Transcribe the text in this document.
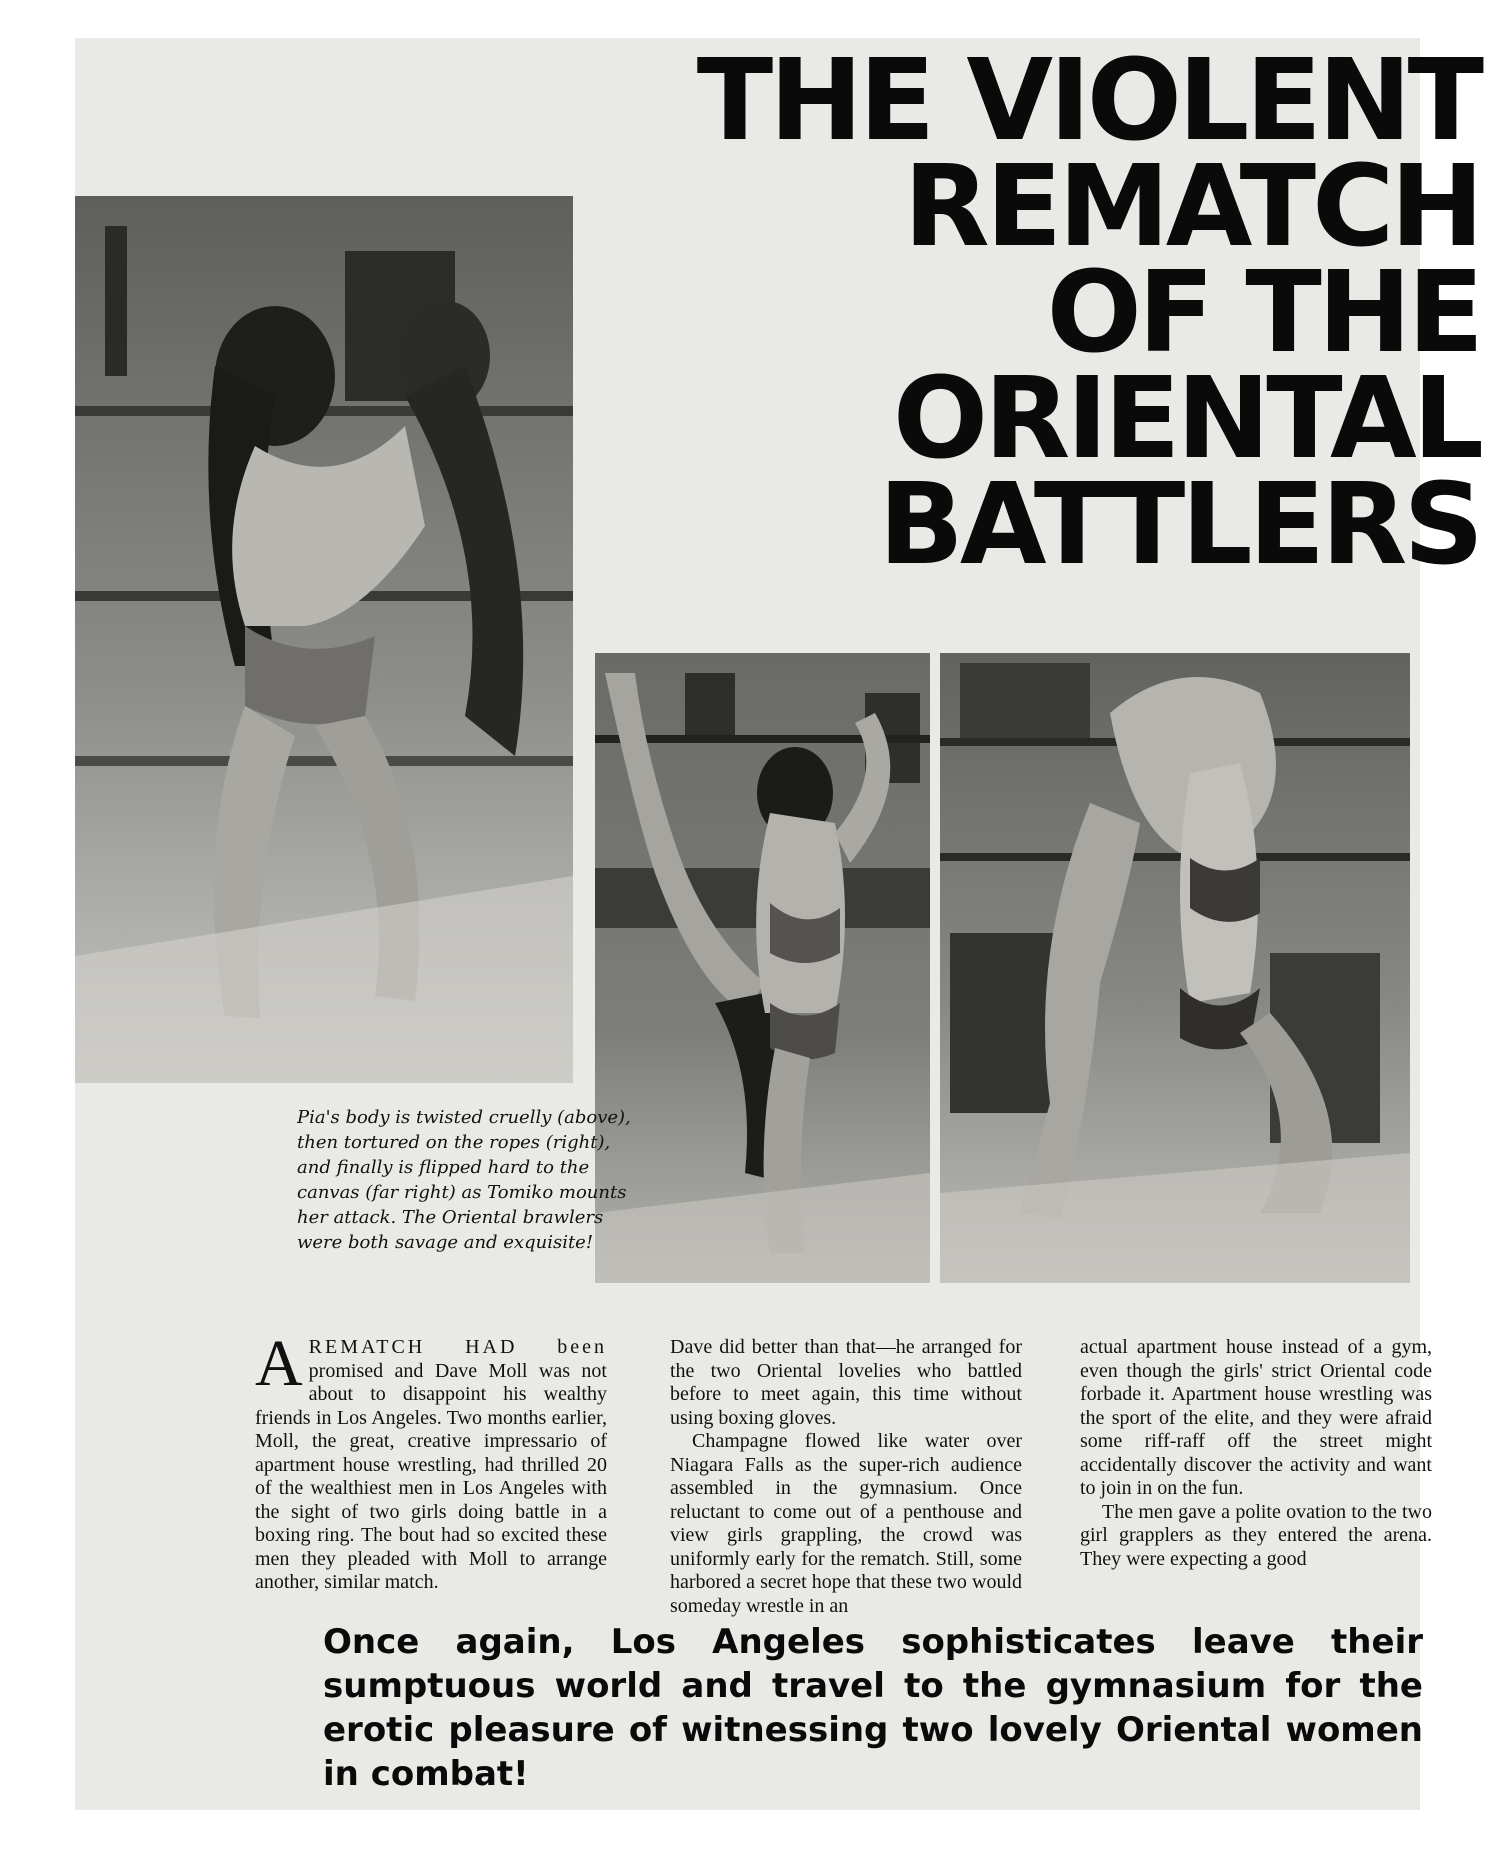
THE VIOLENT
REMATCH
OF THE
ORIENTAL
BATTLERS

Pia's body is twisted cruelly (above), then tortured on the ropes (right), and finally is flipped hard to the canvas (far right) as Tomiko mounts her attack. The Oriental brawlers were both savage and exquisite!

AREMATCH HAD been promised and Dave Moll was not about to disappoint his wealthy friends in Los Angeles. Two months earlier, Moll, the great, creative impressario of apartment house wrestling, had thrilled 20 of the wealthiest men in Los Angeles with the sight of two girls doing battle in a boxing ring. The bout had so excited these men they pleaded with Moll to arrange another, similar match.

Dave did better than that—he arranged for the two Oriental lovelies who battled before to meet again, this time without using boxing gloves.

Champagne flowed like water over Niagara Falls as the super-rich audience assembled in the gymnasium. Once reluctant to come out of a penthouse and view girls grappling, the crowd was uniformly early for the rematch. Still, some harbored a secret hope that these two would someday wrestle in an

actual apartment house instead of a gym, even though the girls' strict Oriental code forbade it. Apartment house wrestling was the sport of the elite, and they were afraid some riff-raff off the street might accidentally discover the activity and want to join in on the fun.

The men gave a polite ovation to the two girl grapplers as they entered the arena. They were expecting a good

Once again, Los Angeles sophisticates leave their sumptuous world and travel to the gymnasium for the erotic pleasure of witnessing two lovely Oriental women in combat!
